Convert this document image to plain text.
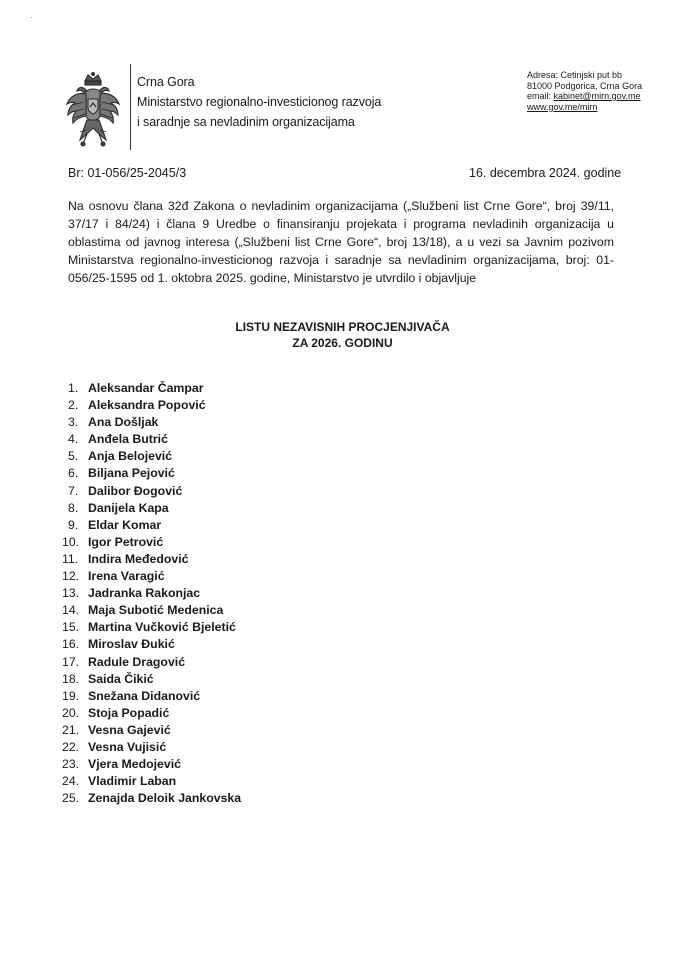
·
Crna Gora
Ministarstvo regionalno-investicionog razvoja
i saradnje sa nevladinim organizacijama
Adresa: Cetinjski put bb
81000 Podgorica, Crna Gora
email: kabinet@mirn.gov.me
www.gov.me/mirn
Br: 01-056/25-2045/3	16. decembra 2024. godine
Na osnovu člana 32đ Zakona o nevladinim organizacijama („Službeni list Crne Gore“, broj 39/11, 37/17 i 84/24) i člana 9 Uredbe o finansiranju projekata i programa nevladinih organizacija u oblastima od javnog interesa („Službeni list Crne Gore“, broj 13/18), a u vezi sa Javnim pozivom Ministarstva regionalno-investicionog razvoja i saradnje sa nevladinim organizacijama, broj: 01-056/25-1595 od 1. oktobra 2025. godine, Ministarstvo je utvrdilo i objavljuje
LISTU NEZAVISNIH PROCJENJIVAČA
ZA 2026. GODINU
1. Aleksandar Čampar
2. Aleksandra Popović
3. Ana Došljak
4. Anđela Butrić
5. Anja Belojević
6. Biljana Pejović
7. Dalibor Đogović
8. Danijela Kapa
9. Eldar Komar
10. Igor Petrović
11. Indira Međedović
12. Irena Varagić
13. Jadranka Rakonjac
14. Maja Subotić Medenica
15. Martina Vučković Bjeletić
16. Miroslav Đukić
17. Radule Dragović
18. Saida Čikić
19. Snežana Didanović
20. Stoja Popadić
21. Vesna Gajević
22. Vesna Vujisić
23. Vjera Medojević
24. Vladimir Laban
25. Zenajda Deloik Jankovska
